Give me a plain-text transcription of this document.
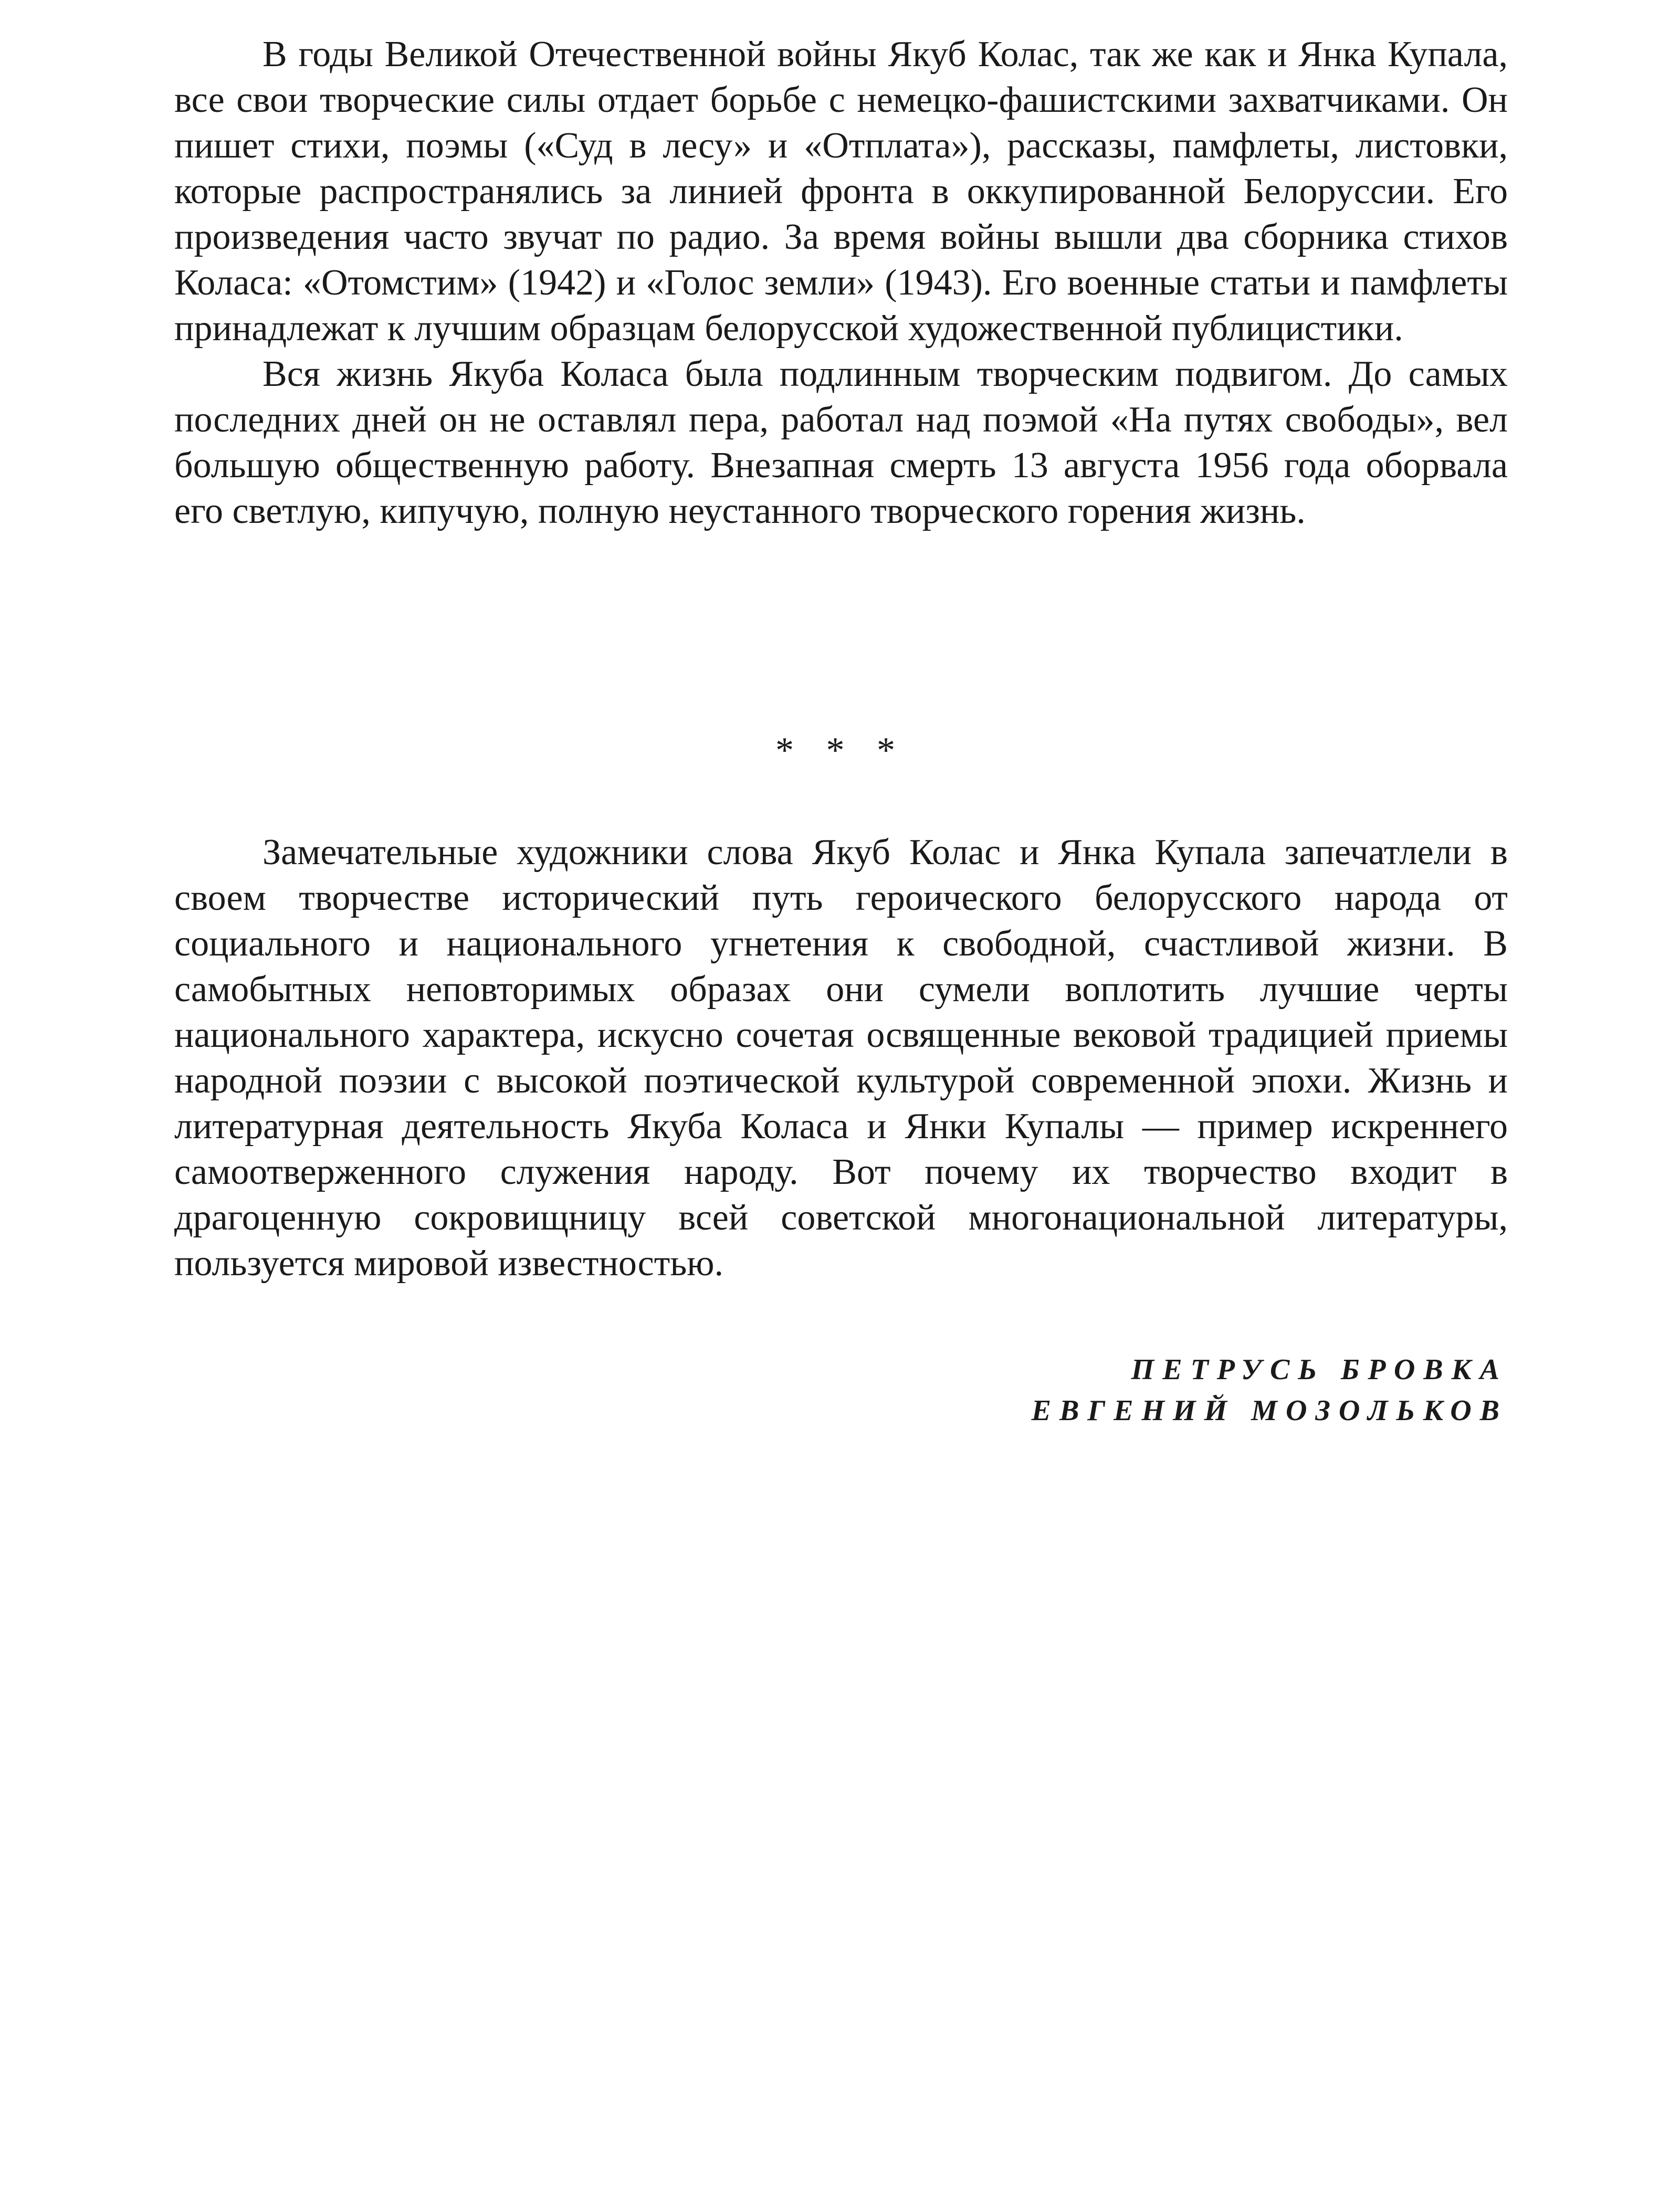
В годы Великой Отечественной войны Якуб Колас, так же как и Янка Купала, все свои творческие силы отдает борьбе с немецко-фашистскими захватчиками. Он пишет стихи, поэмы («Суд в лесу» и «Отплата»), рассказы, памфлеты, листовки, которые распространялись за линией фронта в оккупированной Белоруссии. Его произведения часто звучат по радио. За время войны вышли два сборника стихов Коласа: «Отомстим» (1942) и «Голос земли» (1943). Его военные статьи и памфлеты принадлежат к лучшим образцам белорусской художественной публицистики.

Вся жизнь Якуба Коласа была подлинным творческим подвигом. До самых последних дней он не оставлял пера, работал над поэмой «На путях свободы», вел большую общественную работу. Внезапная смерть 13 августа 1956 года оборвала его светлую, кипучую, полную неустанного творческого горения жизнь.

* * *

Замечательные художники слова Якуб Колас и Янка Купала запечатлели в своем творчестве исторический путь героического белорусского народа от социального и национального угнетения к свободной, счастливой жизни. В самобытных неповторимых образах они сумели воплотить лучшие черты национального характера, искусно сочетая освященные вековой традицией приемы народной поэзии с высокой поэтической культурой современной эпохи. Жизнь и литературная деятельность Якуба Коласа и Янки Купалы — пример искреннего самоотверженного служения народу. Вот почему их творчество входит в драгоценную сокровищницу всей советской многонациональной литературы, пользуется мировой известностью.

ПЕТРУСЬ БРОВКА
ЕВГЕНИЙ МОЗОЛЬКОВ
